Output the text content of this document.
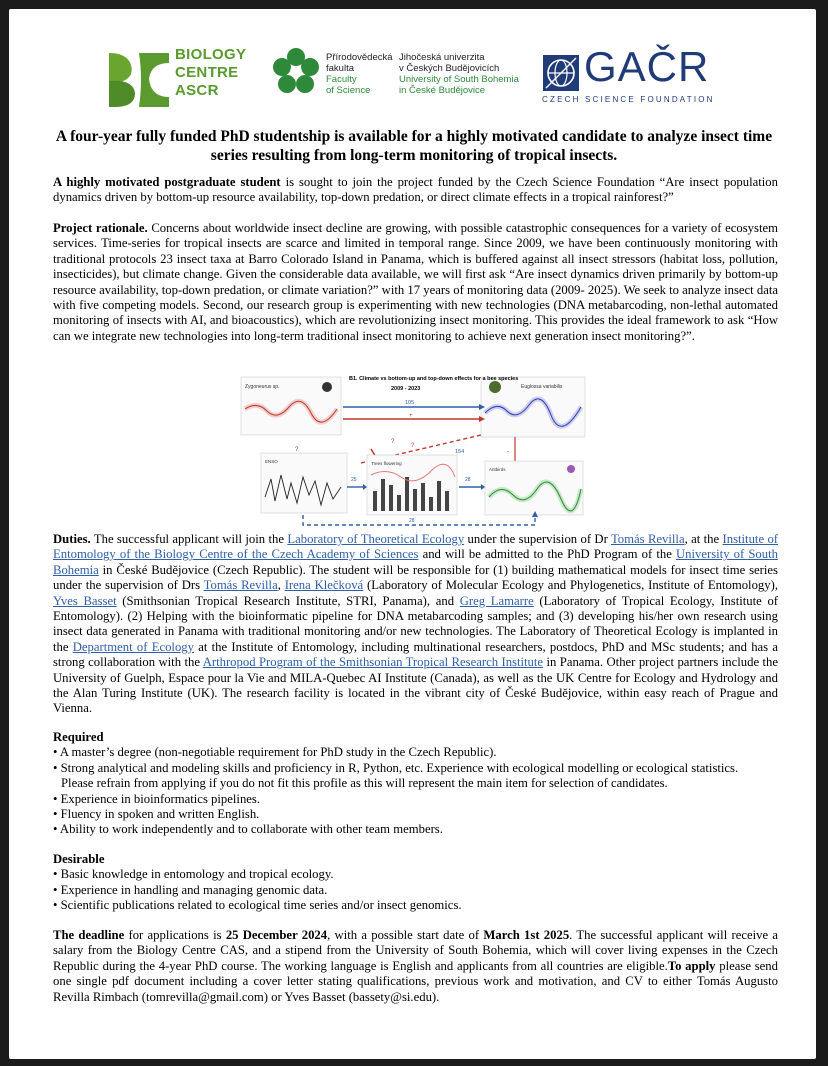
BIOLOGY
CENTRE
ASCR
Přírodovědecká
fakulta
Faculty
of Science
Jihočeská univerzita
v Českých Budějovicích
University of South Bohemia
in České Budějovice
GAČR
CZECH SCIENCE FOUNDATION
A four-year fully funded PhD studentship is available for a highly motivated candidate to analyze insect time series resulting from long-term monitoring of tropical insects.
A highly motivated postgraduate student is sought to join the project funded by the Czech Science Foundation “Are insect population dynamics driven by bottom-up resource availability, top-down predation, or direct climate effects in a tropical rainforest?”
Project rationale. Concerns about worldwide insect decline are growing, with possible catastrophic consequences for a variety of ecosystem services. Time-series for tropical insects are scarce and limited in temporal range. Since 2009, we have been continuously monitoring with traditional protocols 23 insect taxa at Barro Colorado Island in Panama, which is buffered against all insect stressors (habitat loss, pollution, insecticides), but climate change. Given the considerable data available, we will first ask “Are insect dynamics driven primarily by bottom-up resource availability, top-down predation, or climate variation?” with 17 years of monitoring data (2009- 2025). We seek to analyze insect data with five competing models. Second, our research group is experimenting with new technologies (DNA metabarcoding, non-lethal automated monitoring of insects with AI, and bioacoustics), which are revolutionizing insect monitoring. This provides the ideal framework to ask “How can we integrate new technologies into long-term traditional insect monitoring to achieve next generation insect monitoring?”.
Zygoneurus sp.	Euglossa variabilis
B1. Climate vs bottom-up and top-down effects for a bee species
2009 - 2023
105
+
?
?
?
154	-
ENSO	Trees flowering
Antbirds
25	28
28
Duties. The successful applicant will join the Laboratory of Theoretical Ecology under the supervision of Dr Tomás Revilla, at the Institute of Entomology of the Biology Centre of the Czech Academy of Sciences and will be admitted to the PhD Program of the University of South Bohemia in České Budějovice (Czech Republic). The student will be responsible for (1) building mathematical models for insect time series under the supervision of Drs Tomás Revilla, Irena Klečková (Laboratory of Molecular Ecology and Phylogenetics, Institute of Entomology), Yves Basset (Smithsonian Tropical Research Institute, STRI, Panama), and Greg Lamarre (Laboratory of Tropical Ecology, Institute of Entomology). (2) Helping with the bioinformatic pipeline for DNA metabarcoding samples; and (3) developing his/her own research using insect data generated in Panama with traditional monitoring and/or new technologies. The Laboratory of Theoretical Ecology is implanted in the Department of Ecology at the Institute of Entomology, including multinational researchers, postdocs, PhD and MSc students; and has a strong collaboration with the Arthropod Program of the Smithsonian Tropical Research Institute in Panama. Other project partners include the University of Guelph, Espace pour la Vie and MILA-Quebec AI Institute (Canada), as well as the UK Centre for Ecology and Hydrology and the Alan Turing Institute (UK). The research facility is located in the vibrant city of České Budějovice, within easy reach of Prague and Vienna.
Required
• A master’s degree (non-negotiable requirement for PhD study in the Czech Republic).
• Strong analytical and modeling skills and proficiency in R, Python, etc. Experience with ecological modelling or ecological statistics.
Please refrain from applying if you do not fit this profile as this will represent the main item for selection of candidates.
• Experience in bioinformatics pipelines.
• Fluency in spoken and written English.
• Ability to work independently and to collaborate with other team members.
Desirable
• Basic knowledge in entomology and tropical ecology.
• Experience in handling and managing genomic data.
• Scientific publications related to ecological time series and/or insect genomics.
The deadline for applications is 25 December 2024, with a possible start date of March 1st 2025. The successful applicant will receive a salary from the Biology Centre CAS, and a stipend from the University of South Bohemia, which will cover living expenses in the Czech Republic during the 4-year PhD course. The working language is English and applicants from all countries are eligible.To apply please send one single pdf document including a cover letter stating qualifications, previous work and motivation, and CV to either Tomás Augusto Revilla Rimbach (tomrevilla@gmail.com) or Yves Basset (bassety@si.edu).
